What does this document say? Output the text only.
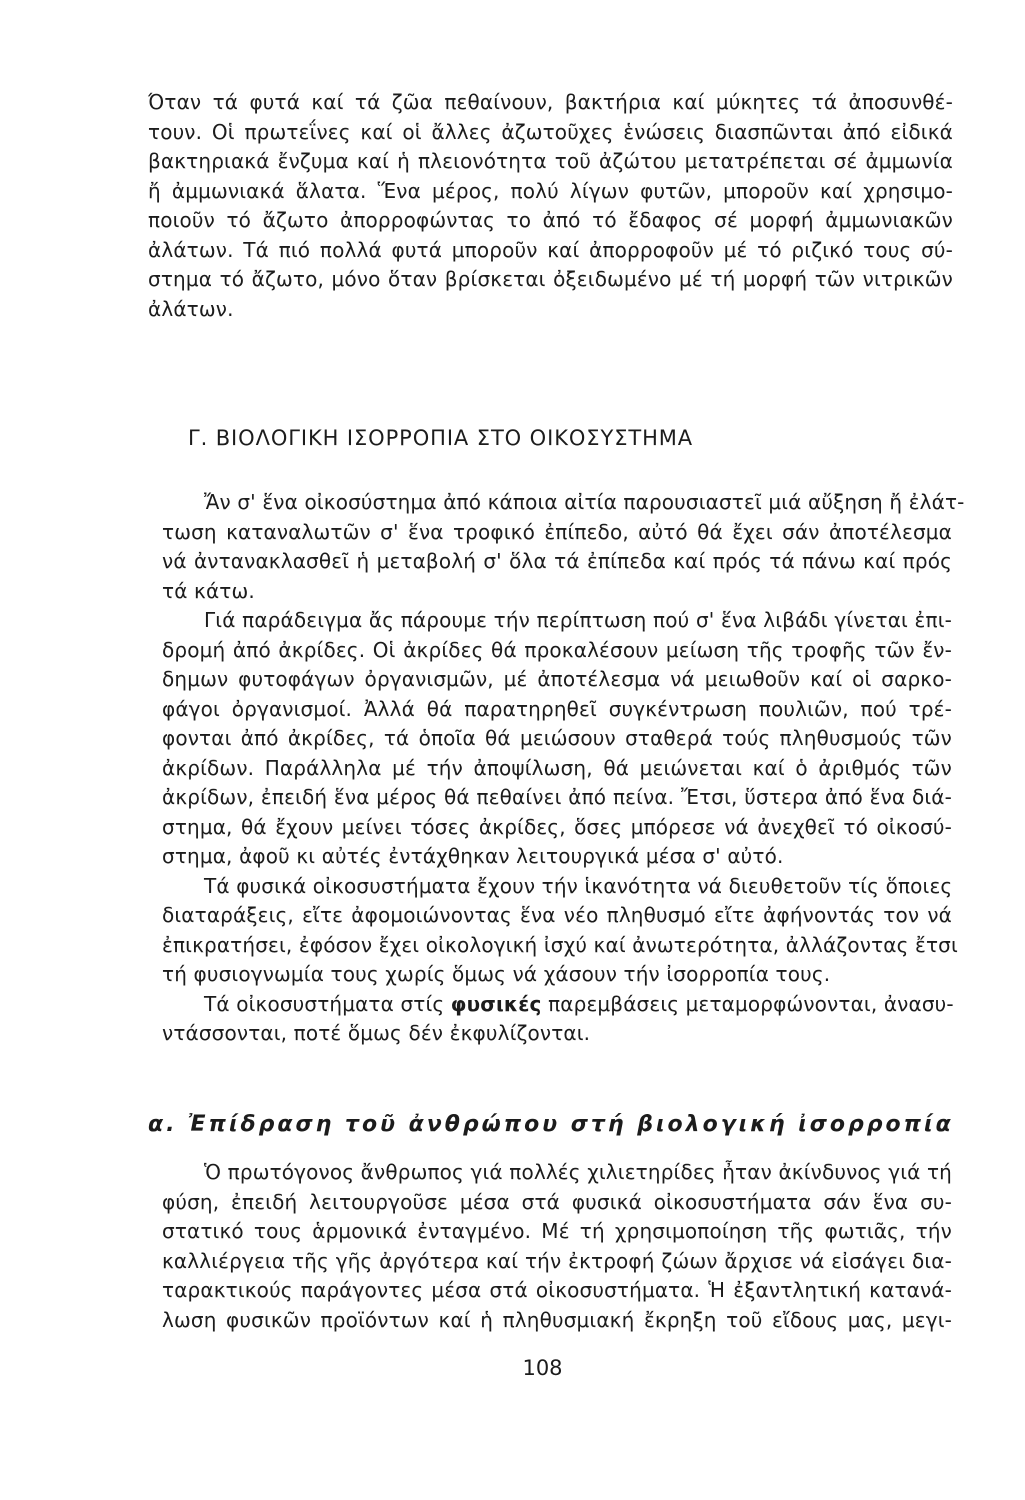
Όταν τά φυτά καί τά ζῶα πεθαίνουν, βακτήρια καί μύκητες τά ἀποσυνθέ-
τουν. Οἱ πρωτεΐνες καί οἱ ἄλλες ἀζωτοῦχες ἑνώσεις διασπῶνται ἀπό εἰδικά
βακτηριακά ἔνζυμα καί ἡ πλειονότητα τοῦ ἀζώτου μετατρέπεται σέ ἀμμωνία
ἤ ἀμμωνιακά ἅλατα. Ἕνα μέρος, πολύ λίγων φυτῶν, μποροῦν καί χρησιμο-
ποιοῦν τό ἄζωτο ἀπορροφώντας το ἀπό τό ἔδαφος σέ μορφή ἀμμωνιακῶν
ἀλάτων. Τά πιό πολλά φυτά μποροῦν καί ἀπορροφοῦν μέ τό ριζικό τους σύ-
στημα τό ἄζωτο, μόνο ὅταν βρίσκεται ὀξειδωμένο μέ τή μορφή τῶν νιτρικῶν
ἀλάτων.
Γ. ΒΙΟΛΟΓΙΚΗ ΙΣΟΡΡΟΠΙΑ ΣΤΟ ΟΙΚΟΣΥΣΤΗΜΑ
Ἄν σ' ἕνα οἰκοσύστημα ἀπό κάποια αἰτία παρουσιαστεῖ μιά αὔξηση ἤ ἐλάτ-
τωση καταναλωτῶν σ' ἕνα τροφικό ἐπίπεδο, αὐτό θά ἔχει σάν ἀποτέλεσμα
νά ἀντανακλασθεῖ ἡ μεταβολή σ' ὅλα τά ἐπίπεδα καί πρός τά πάνω καί πρός
τά κάτω.
Γιά παράδειγμα ἄς πάρουμε τήν περίπτωση πού σ' ἕνα λιβάδι γίνεται ἐπι-
δρομή ἀπό ἀκρίδες. Οἱ ἀκρίδες θά προκαλέσουν μείωση τῆς τροφῆς τῶν ἔν-
δημων φυτοφάγων ὀργανισμῶν, μέ ἀποτέλεσμα νά μειωθοῦν καί οἱ σαρκο-
φάγοι ὀργανισμοί. Ἀλλά θά παρατηρηθεῖ συγκέντρωση πουλιῶν, πού τρέ-
φονται ἀπό ἀκρίδες, τά ὁποῖα θά μειώσουν σταθερά τούς πληθυσμούς τῶν
ἀκρίδων. Παράλληλα μέ τήν ἀποψίλωση, θά μειώνεται καί ὁ ἀριθμός τῶν
ἀκρίδων, ἐπειδή ἕνα μέρος θά πεθαίνει ἀπό πείνα. Ἔτσι, ὕστερα ἀπό ἕνα διά-
στημα, θά ἔχουν μείνει τόσες ἀκρίδες, ὅσες μπόρεσε νά ἀνεχθεῖ τό οἰκοσύ-
στημα, ἀφοῦ κι αὐτές ἐντάχθηκαν λειτουργικά μέσα σ' αὐτό.
Τά φυσικά οἰκοσυστήματα ἔχουν τήν ἱκανότητα νά διευθετοῦν τίς ὅποιες
διαταράξεις, εἴτε ἀφομοιώνοντας ἕνα νέο πληθυσμό εἴτε ἀφήνοντάς τον νά
ἐπικρατήσει, ἐφόσον ἔχει οἰκολογική ἰσχύ καί ἀνωτερότητα, ἀλλάζοντας ἔτσι
τή φυσιογνωμία τους χωρίς ὅμως νά χάσουν τήν ἰσορροπία τους.
Τά οἰκοσυστήματα στίς φυσικές παρεμβάσεις μεταμορφώνονται, ἀνασυ-
ντάσσονται, ποτέ ὅμως δέν ἐκφυλίζονται.
α. Ἐπίδραση τοῦ ἀνθρώπου στή βιολογική ἰσορροπία
Ὁ πρωτόγονος ἄνθρωπος γιά πολλές χιλιετηρίδες ἦταν ἀκίνδυνος γιά τή
φύση, ἐπειδή λειτουργοῦσε μέσα στά φυσικά οἰκοσυστήματα σάν ἕνα συ-
στατικό τους ἁρμονικά ἐνταγμένο. Μέ τή χρησιμοποίηση τῆς φωτιᾶς, τήν
καλλιέργεια τῆς γῆς ἀργότερα καί τήν ἐκτροφή ζώων ἄρχισε νά εἰσάγει δια-
ταρακτικούς παράγοντες μέσα στά οἰκοσυστήματα. Ἡ ἐξαντλητική κατανά-
λωση φυσικῶν προϊόντων καί ἡ πληθυσμιακή ἔκρηξη τοῦ εἴδους μας, μεγι-
108
